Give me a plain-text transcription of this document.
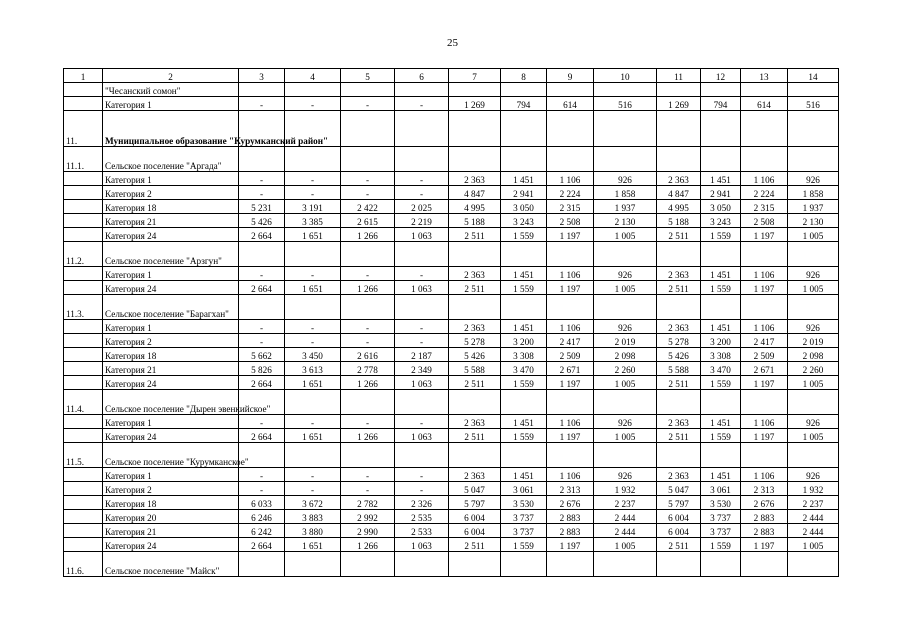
25
1	2	3	4	5	6	7	8	9	10	11	12	13	14
	"Чесанский сомон"												
	Категория 1	-	-	-	-	1 269	794	614	516	1 269	794	614	516
11.	Муниципальное образование "Курумканский район"												
11.1.	Сельское поселение "Аргада"												
	Категория 1	-	-	-	-	2 363	1 451	1 106	926	2 363	1 451	1 106	926
	Категория 2	-	-	-	-	4 847	2 941	2 224	1 858	4 847	2 941	2 224	1 858
	Категория 18	5 231	3 191	2 422	2 025	4 995	3 050	2 315	1 937	4 995	3 050	2 315	1 937
	Категория 21	5 426	3 385	2 615	2 219	5 188	3 243	2 508	2 130	5 188	3 243	2 508	2 130
	Категория 24	2 664	1 651	1 266	1 063	2 511	1 559	1 197	1 005	2 511	1 559	1 197	1 005
11.2.	Сельское поселение "Арзгун"												
	Категория 1	-	-	-	-	2 363	1 451	1 106	926	2 363	1 451	1 106	926
	Категория 24	2 664	1 651	1 266	1 063	2 511	1 559	1 197	1 005	2 511	1 559	1 197	1 005
11.3.	Сельское поселение "Барагхан"												
	Категория 1	-	-	-	-	2 363	1 451	1 106	926	2 363	1 451	1 106	926
	Категория 2	-	-	-	-	5 278	3 200	2 417	2 019	5 278	3 200	2 417	2 019
	Категория 18	5 662	3 450	2 616	2 187	5 426	3 308	2 509	2 098	5 426	3 308	2 509	2 098
	Категория 21	5 826	3 613	2 778	2 349	5 588	3 470	2 671	2 260	5 588	3 470	2 671	2 260
	Категория 24	2 664	1 651	1 266	1 063	2 511	1 559	1 197	1 005	2 511	1 559	1 197	1 005
11.4.	Сельское поселение "Дырен эвенкийское"												
	Категория 1	-	-	-	-	2 363	1 451	1 106	926	2 363	1 451	1 106	926
	Категория 24	2 664	1 651	1 266	1 063	2 511	1 559	1 197	1 005	2 511	1 559	1 197	1 005
11.5.	Сельское поселение "Курумканское"												
	Категория 1	-	-	-	-	2 363	1 451	1 106	926	2 363	1 451	1 106	926
	Категория 2	-	-	-	-	5 047	3 061	2 313	1 932	5 047	3 061	2 313	1 932
	Категория 18	6 033	3 672	2 782	2 326	5 797	3 530	2 676	2 237	5 797	3 530	2 676	2 237
	Категория 20	6 246	3 883	2 992	2 535	6 004	3 737	2 883	2 444	6 004	3 737	2 883	2 444
	Категория 21	6 242	3 880	2 990	2 533	6 004	3 737	2 883	2 444	6 004	3 737	2 883	2 444
	Категория 24	2 664	1 651	1 266	1 063	2 511	1 559	1 197	1 005	2 511	1 559	1 197	1 005
11.6.	Сельское поселение "Майск"												
